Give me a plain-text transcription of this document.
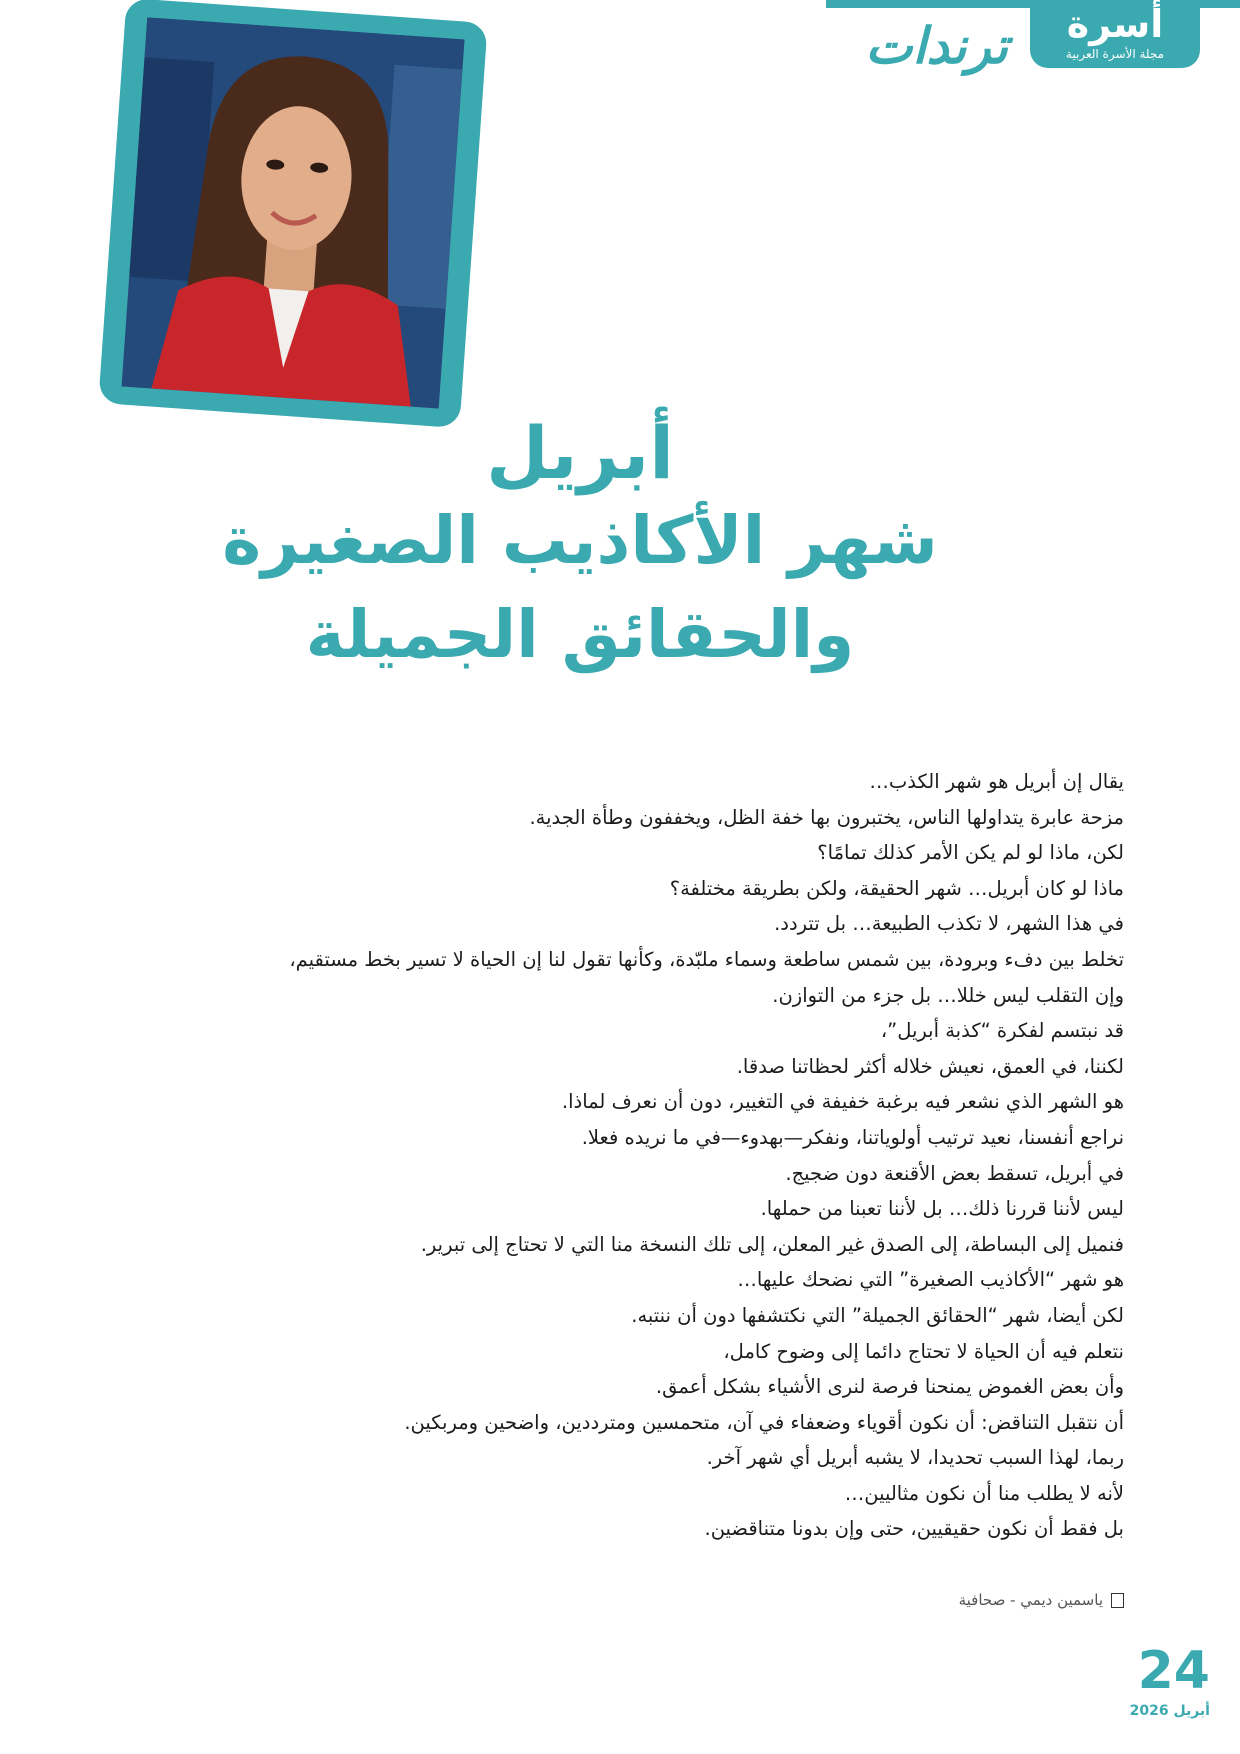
أسرة
مجلة الأسرة العربية
ترندات
أبريل
شهر الأكاذيب الصغيرة
والحقائق الجميلة

يقال إن أبريل هو شهر الكذب…

مزحة عابرة يتداولها الناس، يختبرون بها خفة الظل، ويخففون وطأة الجدية.

لكن، ماذا لو لم يكن الأمر كذلك تمامًا؟

ماذا لو كان أبريل… شهر الحقيقة، ولكن بطريقة مختلفة؟

في هذا الشهر، لا تكذب الطبيعة… بل تتردد.

تخلط بين دفء وبرودة، بين شمس ساطعة وسماء ملبّدة، وكأنها تقول لنا إن الحياة لا تسير بخط مستقيم،

وإن التقلب ليس خللا… بل جزء من التوازن.

قد نبتسم لفكرة “كذبة أبريل”،

لكننا، في العمق، نعيش خلاله أكثر لحظاتنا صدقا.

هو الشهر الذي نشعر فيه برغبة خفيفة في التغيير، دون أن نعرف لماذا.

نراجع أنفسنا، نعيد ترتيب أولوياتنا، ونفكر—بهدوء—في ما نريده فعلا.

في أبريل، تسقط بعض الأقنعة دون ضجيج.

ليس لأننا قررنا ذلك… بل لأننا تعبنا من حملها.

فنميل إلى البساطة، إلى الصدق غير المعلن، إلى تلك النسخة منا التي لا تحتاج إلى تبرير.

هو شهر “الأكاذيب الصغيرة” التي نضحك عليها…

لكن أيضا، شهر “الحقائق الجميلة” التي نكتشفها دون أن ننتبه.

نتعلم فيه أن الحياة لا تحتاج دائما إلى وضوح كامل،

وأن بعض الغموض يمنحنا فرصة لنرى الأشياء بشكل أعمق.

أن نتقبل التناقض: أن نكون أقوياء وضعفاء في آن، متحمسين ومترددين، واضحين ومربكين.

ربما، لهذا السبب تحديدا، لا يشبه أبريل أي شهر آخر.

لأنه لا يطلب منا أن نكون مثاليين…

بل فقط أن نكون حقيقيين، حتى وإن بدونا متناقضين.

ياسمين ديمي - صحافية
24
أبريل 2026
